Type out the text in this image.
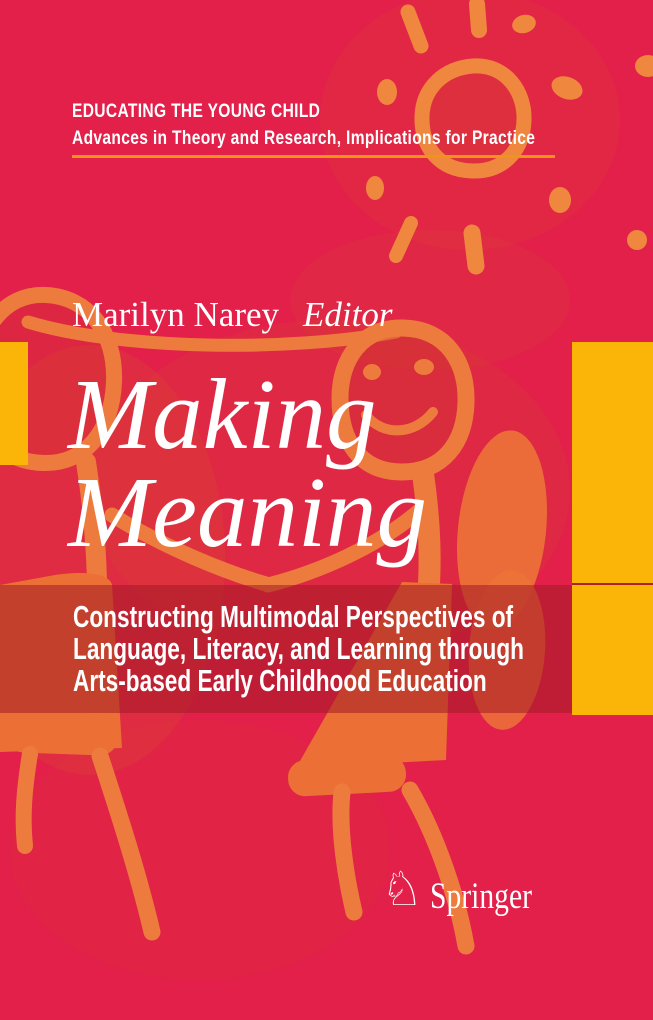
EDUCATING THE YOUNG CHILD
Advances in Theory and Research, Implications for Practice
Marilyn Narey Editor
Making
Meaning
Constructing Multimodal Perspectives of
Language, Literacy, and Learning through
Arts-based Early Childhood Education
♘ Springer
